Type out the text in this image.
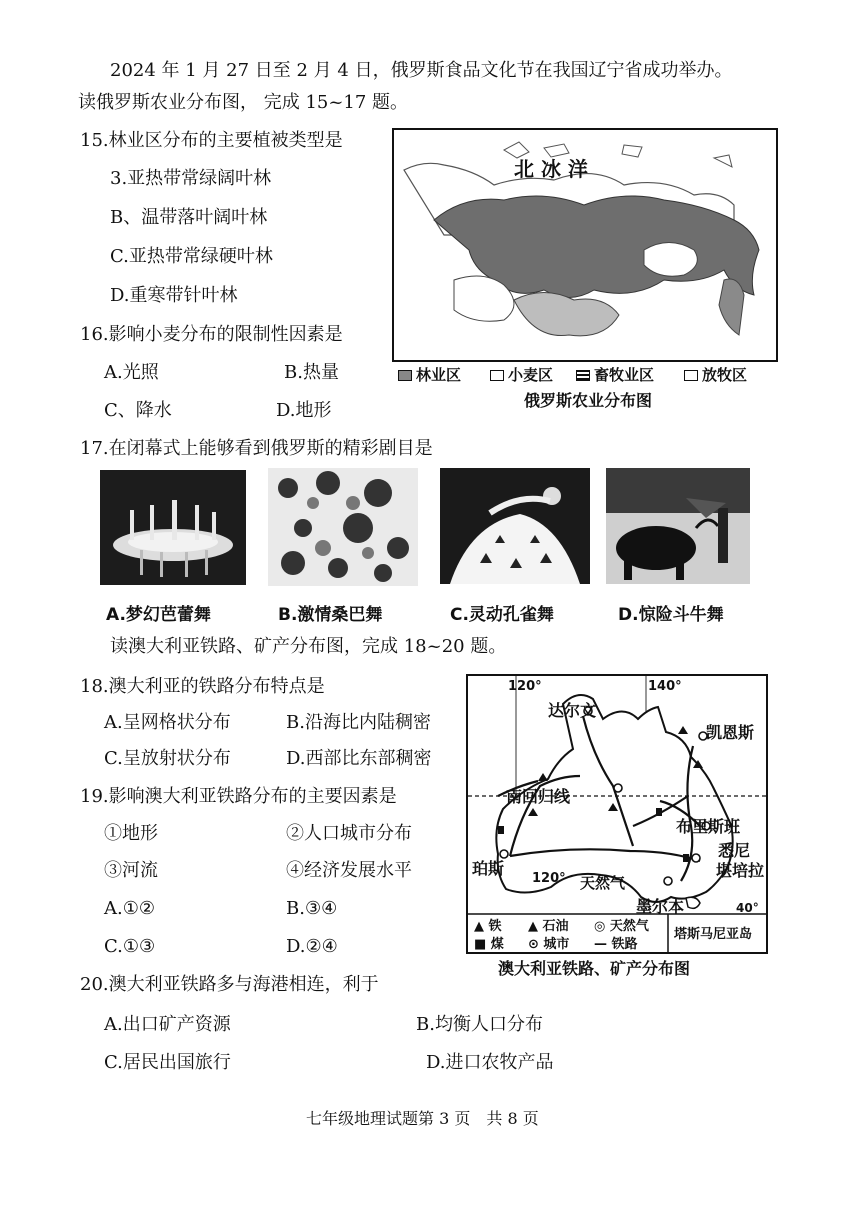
2024 年 1 月 27 日至 2 月 4 日，俄罗斯食品文化节在我国辽宁省成功举办。
读俄罗斯农业分布图， 完成 15~17 题。
15.林业区分布的主要植被类型是
3.亚热带常绿阔叶林
B、温带落叶阔叶林
C.亚热带常绿硬叶林
D.重寒带针叶林
16.影响小麦分布的限制性因素是
A.光照	B.热量
C、降水	D.地形
北 冰 洋
林业区	小麦区	畜牧业区	放牧区
俄罗斯农业分布图
17.在闭幕式上能够看到俄罗斯的精彩剧目是
A.梦幻芭蕾舞	B.激情桑巴舞	C.灵动孔雀舞	D.惊险斗牛舞
读澳大利亚铁路、矿产分布图，完成 18~20 题。
18.澳大利亚的铁路分布特点是
A.呈网格状分布	B.沿海比内陆稠密
C.呈放射状分布	D.西部比东部稠密
19.影响澳大利亚铁路分布的主要因素是
①地形	②人口城市分布
③河流	④经济发展水平
A.①②	B.③④
C.①③	D.②④
120°	140°
120°
40°
达尔文
凯恩斯
南回归线
布里斯班
珀斯
天然气
悉尼
堪培拉
墨尔本
▲ 铁 ▲ 石油 ◎ 天然气
■ 煤 ⊙ 城市 — 铁路
塔斯马尼亚岛
澳大利亚铁路、矿产分布图
20.澳大利亚铁路多与海港相连，利于
A.出口矿产资源	B.均衡人口分布
C.居民出国旅行	D.进口农牧产品
七年级地理试题第 3 页　共 8 页
